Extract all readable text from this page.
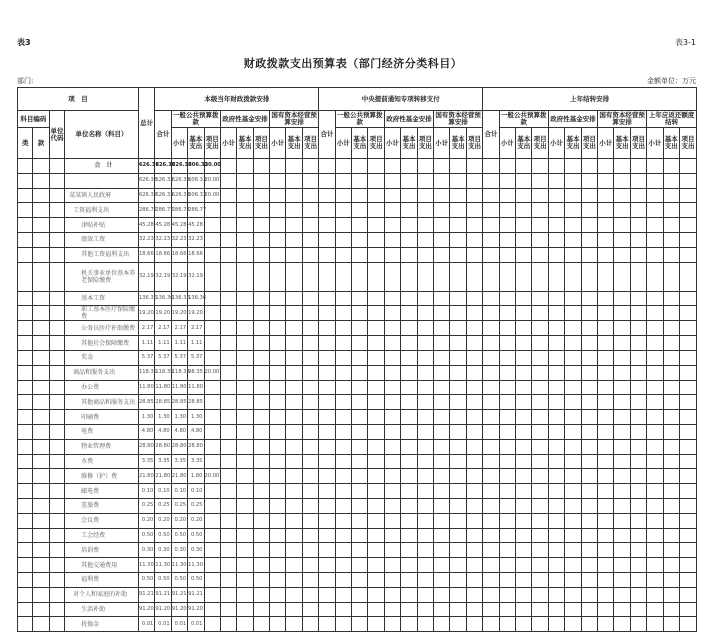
表3	表3-1
财政拨款支出预算表（部门经济分类科目）
部门:	金额单位：万元
项　目				总计	本级当年财政拨款安排										中央提前通知专项转移支付										上年结转安排												
科目编码		单位代码	单位名称（科目）		合计	一般公共预算拨款			政府性基金安排			国有资本经营预算安排			合计	一般公共预算拨款			政府性基金安排			国有资本经营预算安排			合计	一般公共预算拨款			政府性基金安排			国有资本经营预算安排			上年应返还额度结转		
类	款					小计	基本支出	项目支出	小计	基本支出	项目支出	小计	基本支出	项目支出		小计	基本支出	项目支出	小计	基本支出	项目支出	小计	基本支出	项目支出		小计	基本支出	项目支出	小计	基本支出	项目支出	小计	基本支出	项目支出	小计	基本支出	项目支出
			合　计	626.33	626.33	626.33	606.33	20.00																													
				626.33	626.33	626.33	606.33	20.00																													
			某某镇人民政府	626.33	626.33	626.33	606.33	20.00																													
			工资福利支出	286.77	286.77	286.77	286.77																														
			津贴补贴	45.28	45.28	45.28	45.28																														
			绩效工资	32.23	32.23	32.23	32.23																														
			其他工资福利支出	18.66	18.66	18.66	18.66																														
			机关事业单位基本养老保险缴费	32.19	32.19	32.19	32.19																														
			基本工资	136.36	136.36	136.36	136.36																														
			职工基本医疗保险缴费	19.20	19.20	19.20	19.20																														
			公务员医疗补助缴费	2.17	2.17	2.17	2.17																														
			其他社会保障缴费	1.11	1.11	1.11	1.11																														
			奖金	5.37	5.37	5.37	5.37																														
			商品和服务支出	118.35	118.35	118.35	98.35	20.00																													
			办公费	11.80	11.80	11.80	11.80																														
			其他商品和服务支出	28.85	28.85	28.85	28.85																														
			印刷费	1.30	1.30	1.30	1.30																														
			电费	4.80	4.80	4.80	4.80																														
			物业管理费	28.80	28.80	28.80	28.80																														
			水费	3.35	3.35	3.35	3.35																														
			维修（护）费	21.80	21.80	21.80	1.80	20.00																													
			邮电费	0.10	0.10	0.10	0.10																														
			差旅费	0.25	0.25	0.25	0.25																														
			会议费	0.20	0.20	0.20	0.20																														
			工会经费	0.50	0.50	0.50	0.50																														
			培训费	0.30	0.30	0.30	0.30																														
			其他交通费用	11.30	11.30	11.30	11.30																														
			福利费	0.50	0.50	0.50	0.50																														
			对个人和家庭的补助	91.21	91.21	91.21	91.21																														
			生活补助	91.20	91.20	91.20	91.20																														
			抚恤金	0.01	0.01	0.01	0.01																														
